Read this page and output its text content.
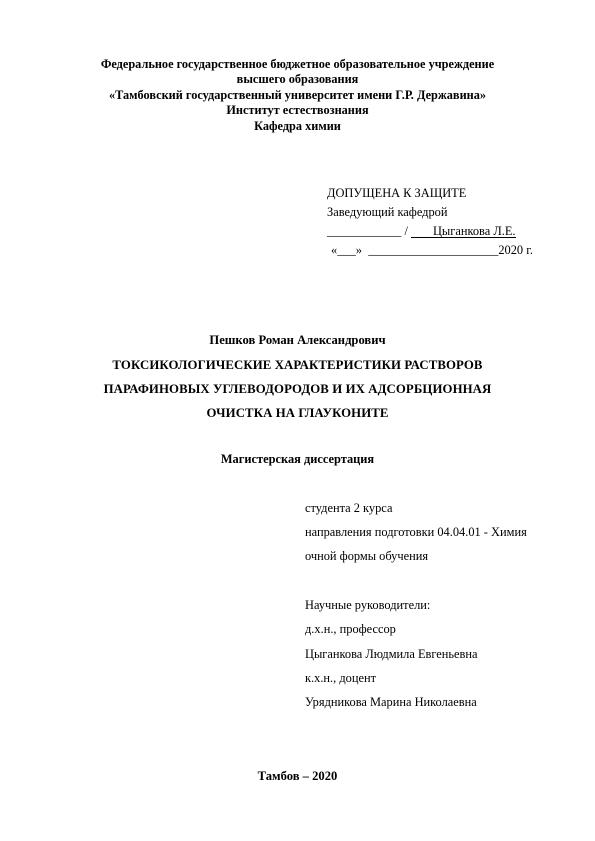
Федеральное государственное бюджетное образовательное учреждение
высшего образования
«Тамбовский государственный университет имени Г.Р. Державина»
Институт естествознания
Кафедра химии
ДОПУЩЕНА К ЗАЩИТЕ
Заведующий кафедрой
____________ / Цыганкова Л.Е.
«___» _____________________2020 г.
Пешков Роман Александрович
ТОКСИКОЛОГИЧЕСКИЕ ХАРАКТЕРИСТИКИ РАСТВОРОВ
ПАРАФИНОВЫХ УГЛЕВОДОРОДОВ И ИХ АДСОРБЦИОННАЯ
ОЧИСТКА НА ГЛАУКОНИТЕ
Магистерская диссертация
студента 2 курса
направления подготовки 04.04.01 - Химия
очной формы обучения
Научные руководители:
д.х.н., профессор
Цыганкова Людмила Евгеньевна
к.х.н., доцент
Урядникова Марина Николаевна
Тамбов – 2020
